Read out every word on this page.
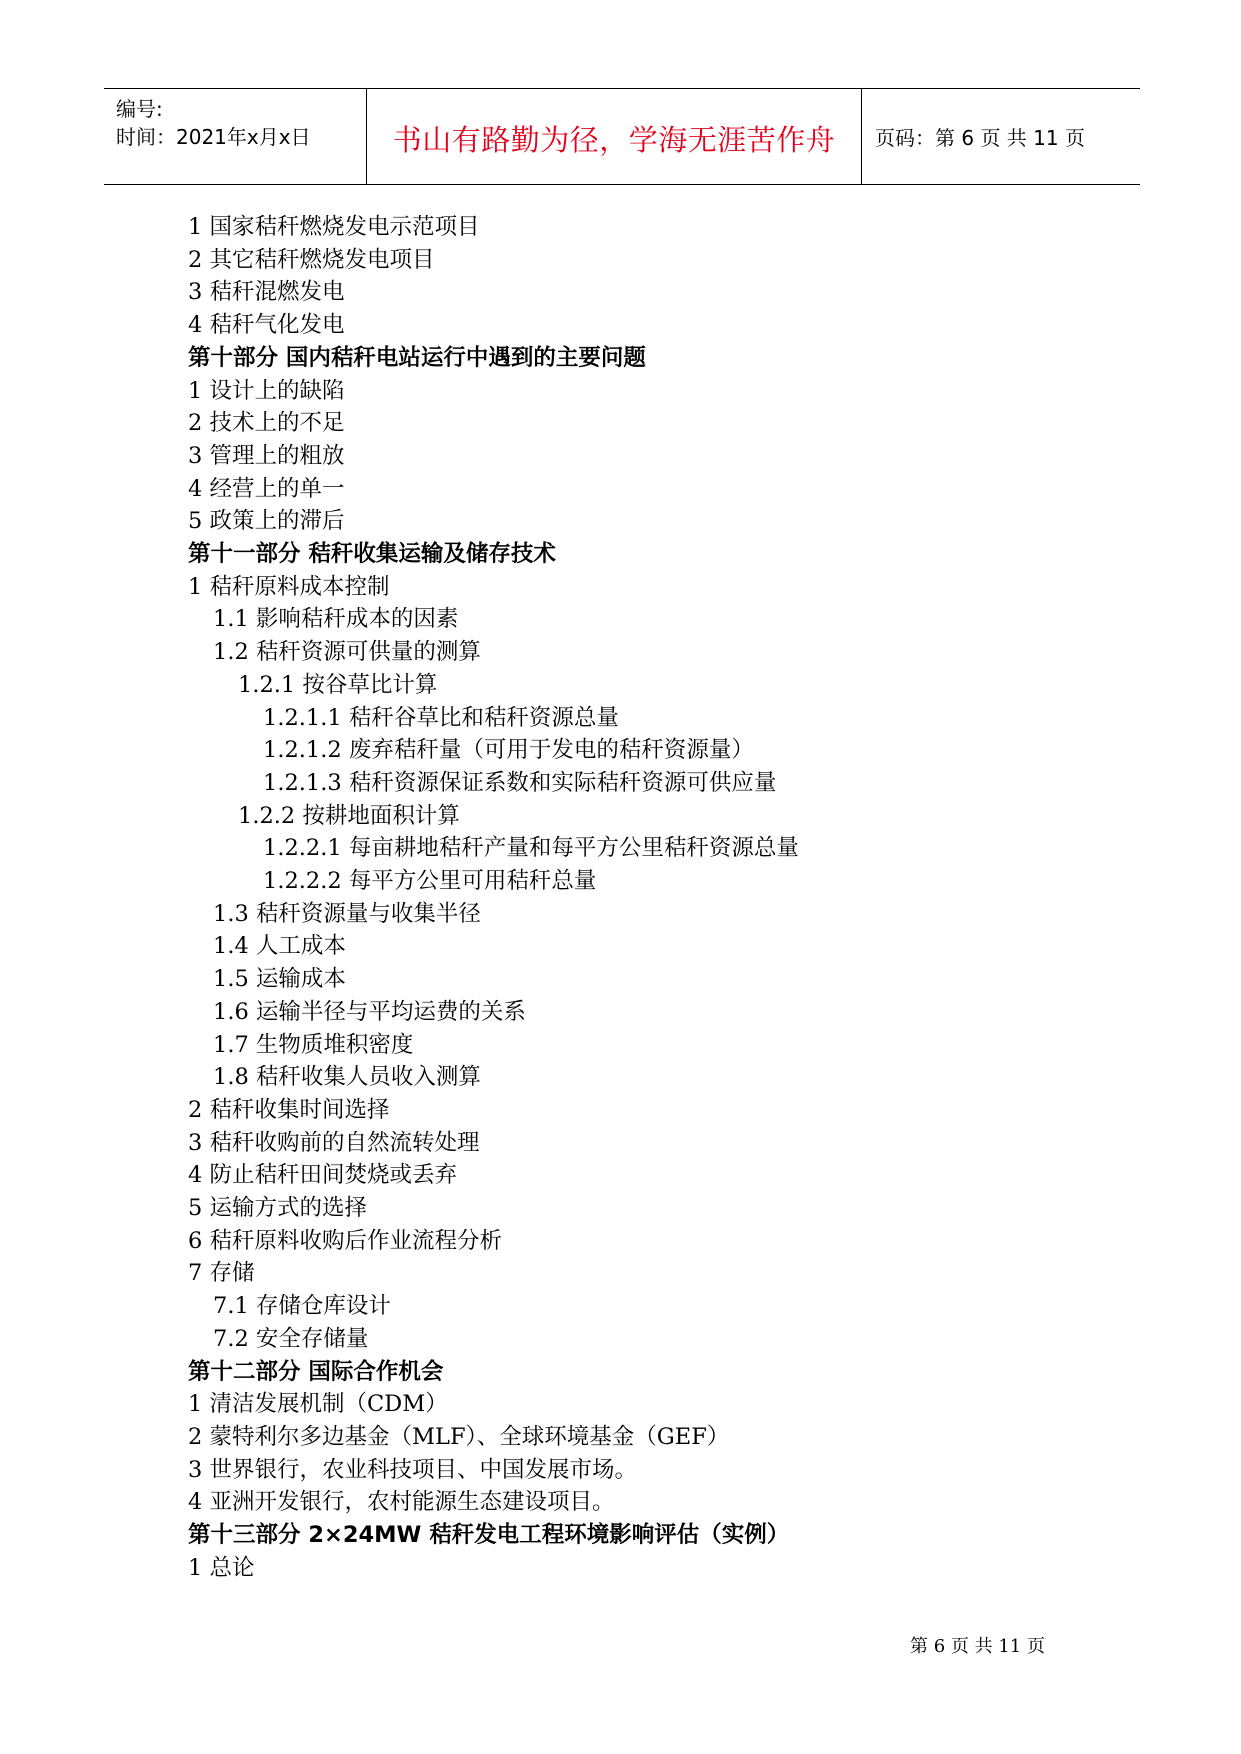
编号:
时间：2021年x月x日	书山有路勤为径，学海无涯苦作舟	页码：第 6 页 共 11 页
1 国家秸秆燃烧发电示范项目
2 其它秸秆燃烧发电项目
3 秸秆混燃发电
4 秸秆气化发电
第十部分 国内秸秆电站运行中遇到的主要问题
1 设计上的缺陷
2 技术上的不足
3 管理上的粗放
4 经营上的单一
5 政策上的滞后
第十一部分 秸秆收集运输及储存技术
1 秸秆原料成本控制
1.1 影响秸秆成本的因素
1.2 秸秆资源可供量的测算
1.2.1 按谷草比计算
1.2.1.1 秸秆谷草比和秸秆资源总量
1.2.1.2 废弃秸秆量（可用于发电的秸秆资源量）
1.2.1.3 秸秆资源保证系数和实际秸秆资源可供应量
1.2.2 按耕地面积计算
1.2.2.1 每亩耕地秸秆产量和每平方公里秸秆资源总量
1.2.2.2 每平方公里可用秸秆总量
1.3 秸秆资源量与收集半径
1.4 人工成本
1.5 运输成本
1.6 运输半径与平均运费的关系
1.7 生物质堆积密度
1.8 秸秆收集人员收入测算
2 秸秆收集时间选择
3 秸秆收购前的自然流转处理
4 防止秸秆田间焚烧或丢弃
5 运输方式的选择
6 秸秆原料收购后作业流程分析
7 存储
7.1 存储仓库设计
7.2 安全存储量
第十二部分 国际合作机会
1 清洁发展机制（CDM）
2 蒙特利尔多边基金（MLF）、全球环境基金（GEF）
3 世界银行，农业科技项目、中国发展市场。
4 亚洲开发银行，农村能源生态建设项目。
第十三部分 2×24MW 秸秆发电工程环境影响评估（实例）
1 总论
第 6 页 共 11 页
